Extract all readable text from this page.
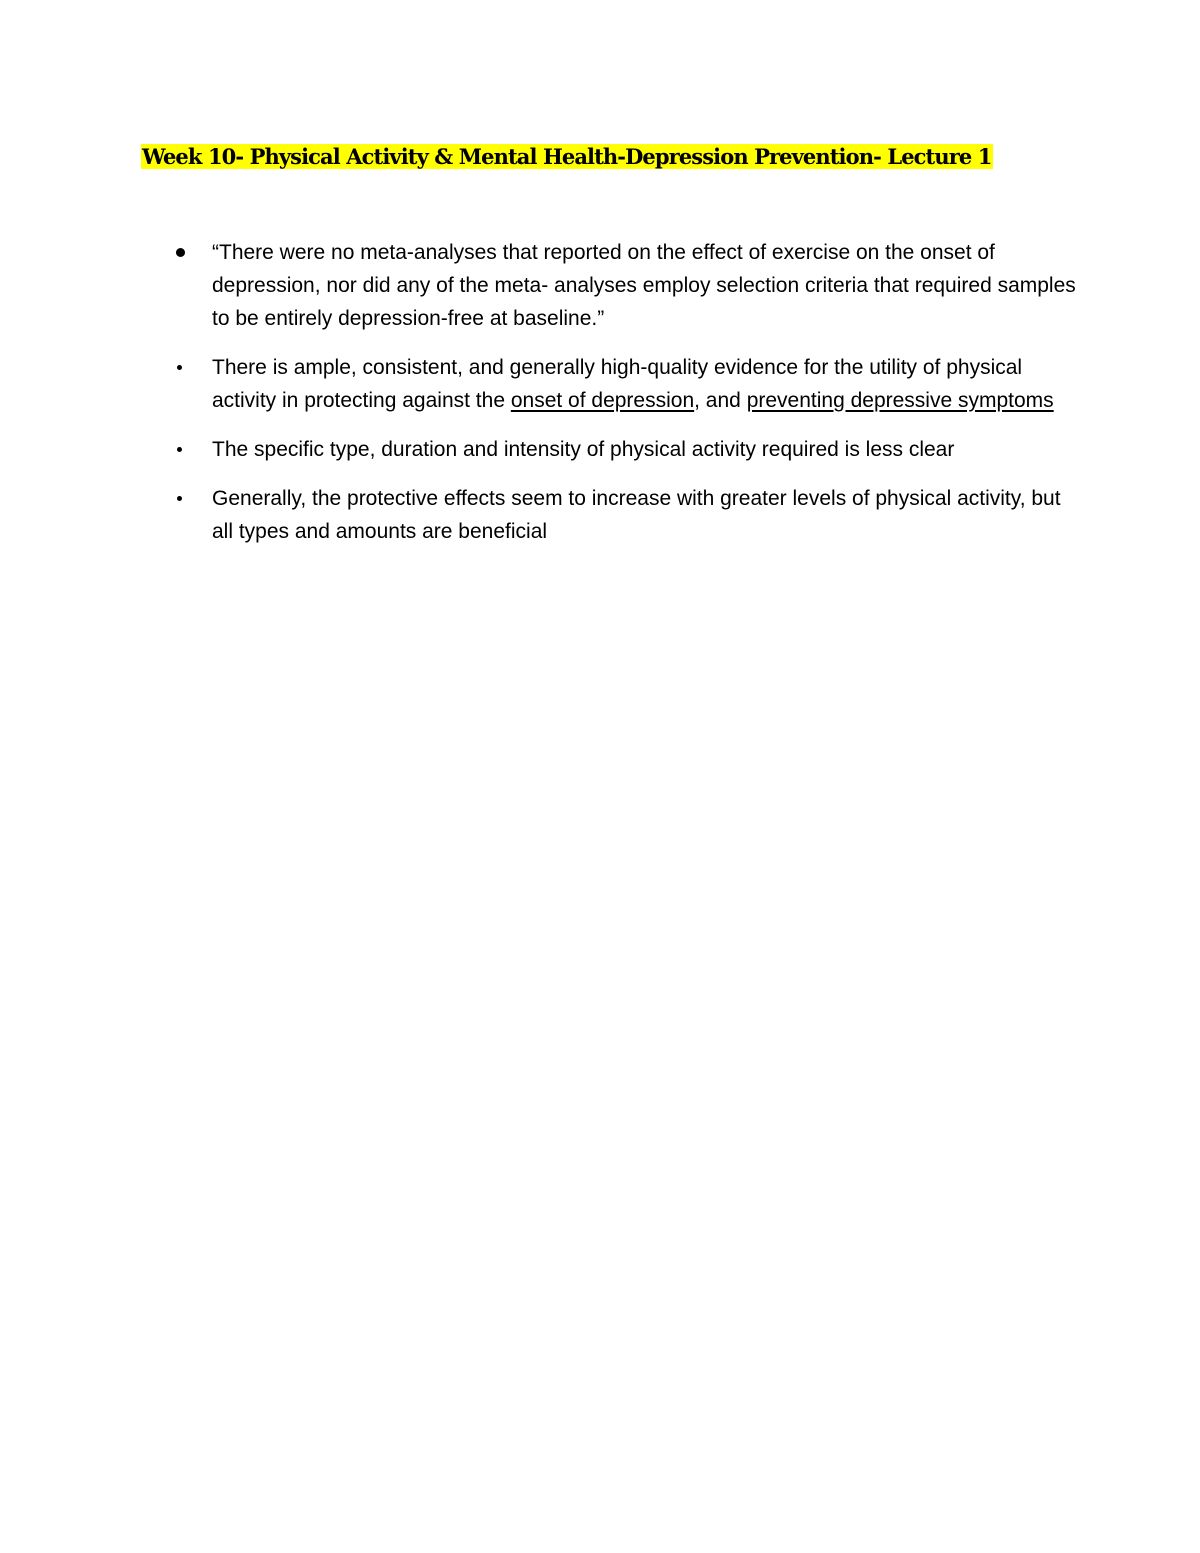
Week 10- Physical Activity & Mental Health-Depression Prevention- Lecture 1
“There were no meta-analyses that reported on the effect of exercise on the onset of depression, nor did any of the meta- analyses employ selection criteria that required samples to be entirely depression-free at baseline.”
There is ample, consistent, and generally high-quality evidence for the utility of physical activity in protecting against the onset of depression, and preventing depressive symptoms
The specific type, duration and intensity of physical activity required is less clear
Generally, the protective effects seem to increase with greater levels of physical activity, but all types and amounts are beneficial
